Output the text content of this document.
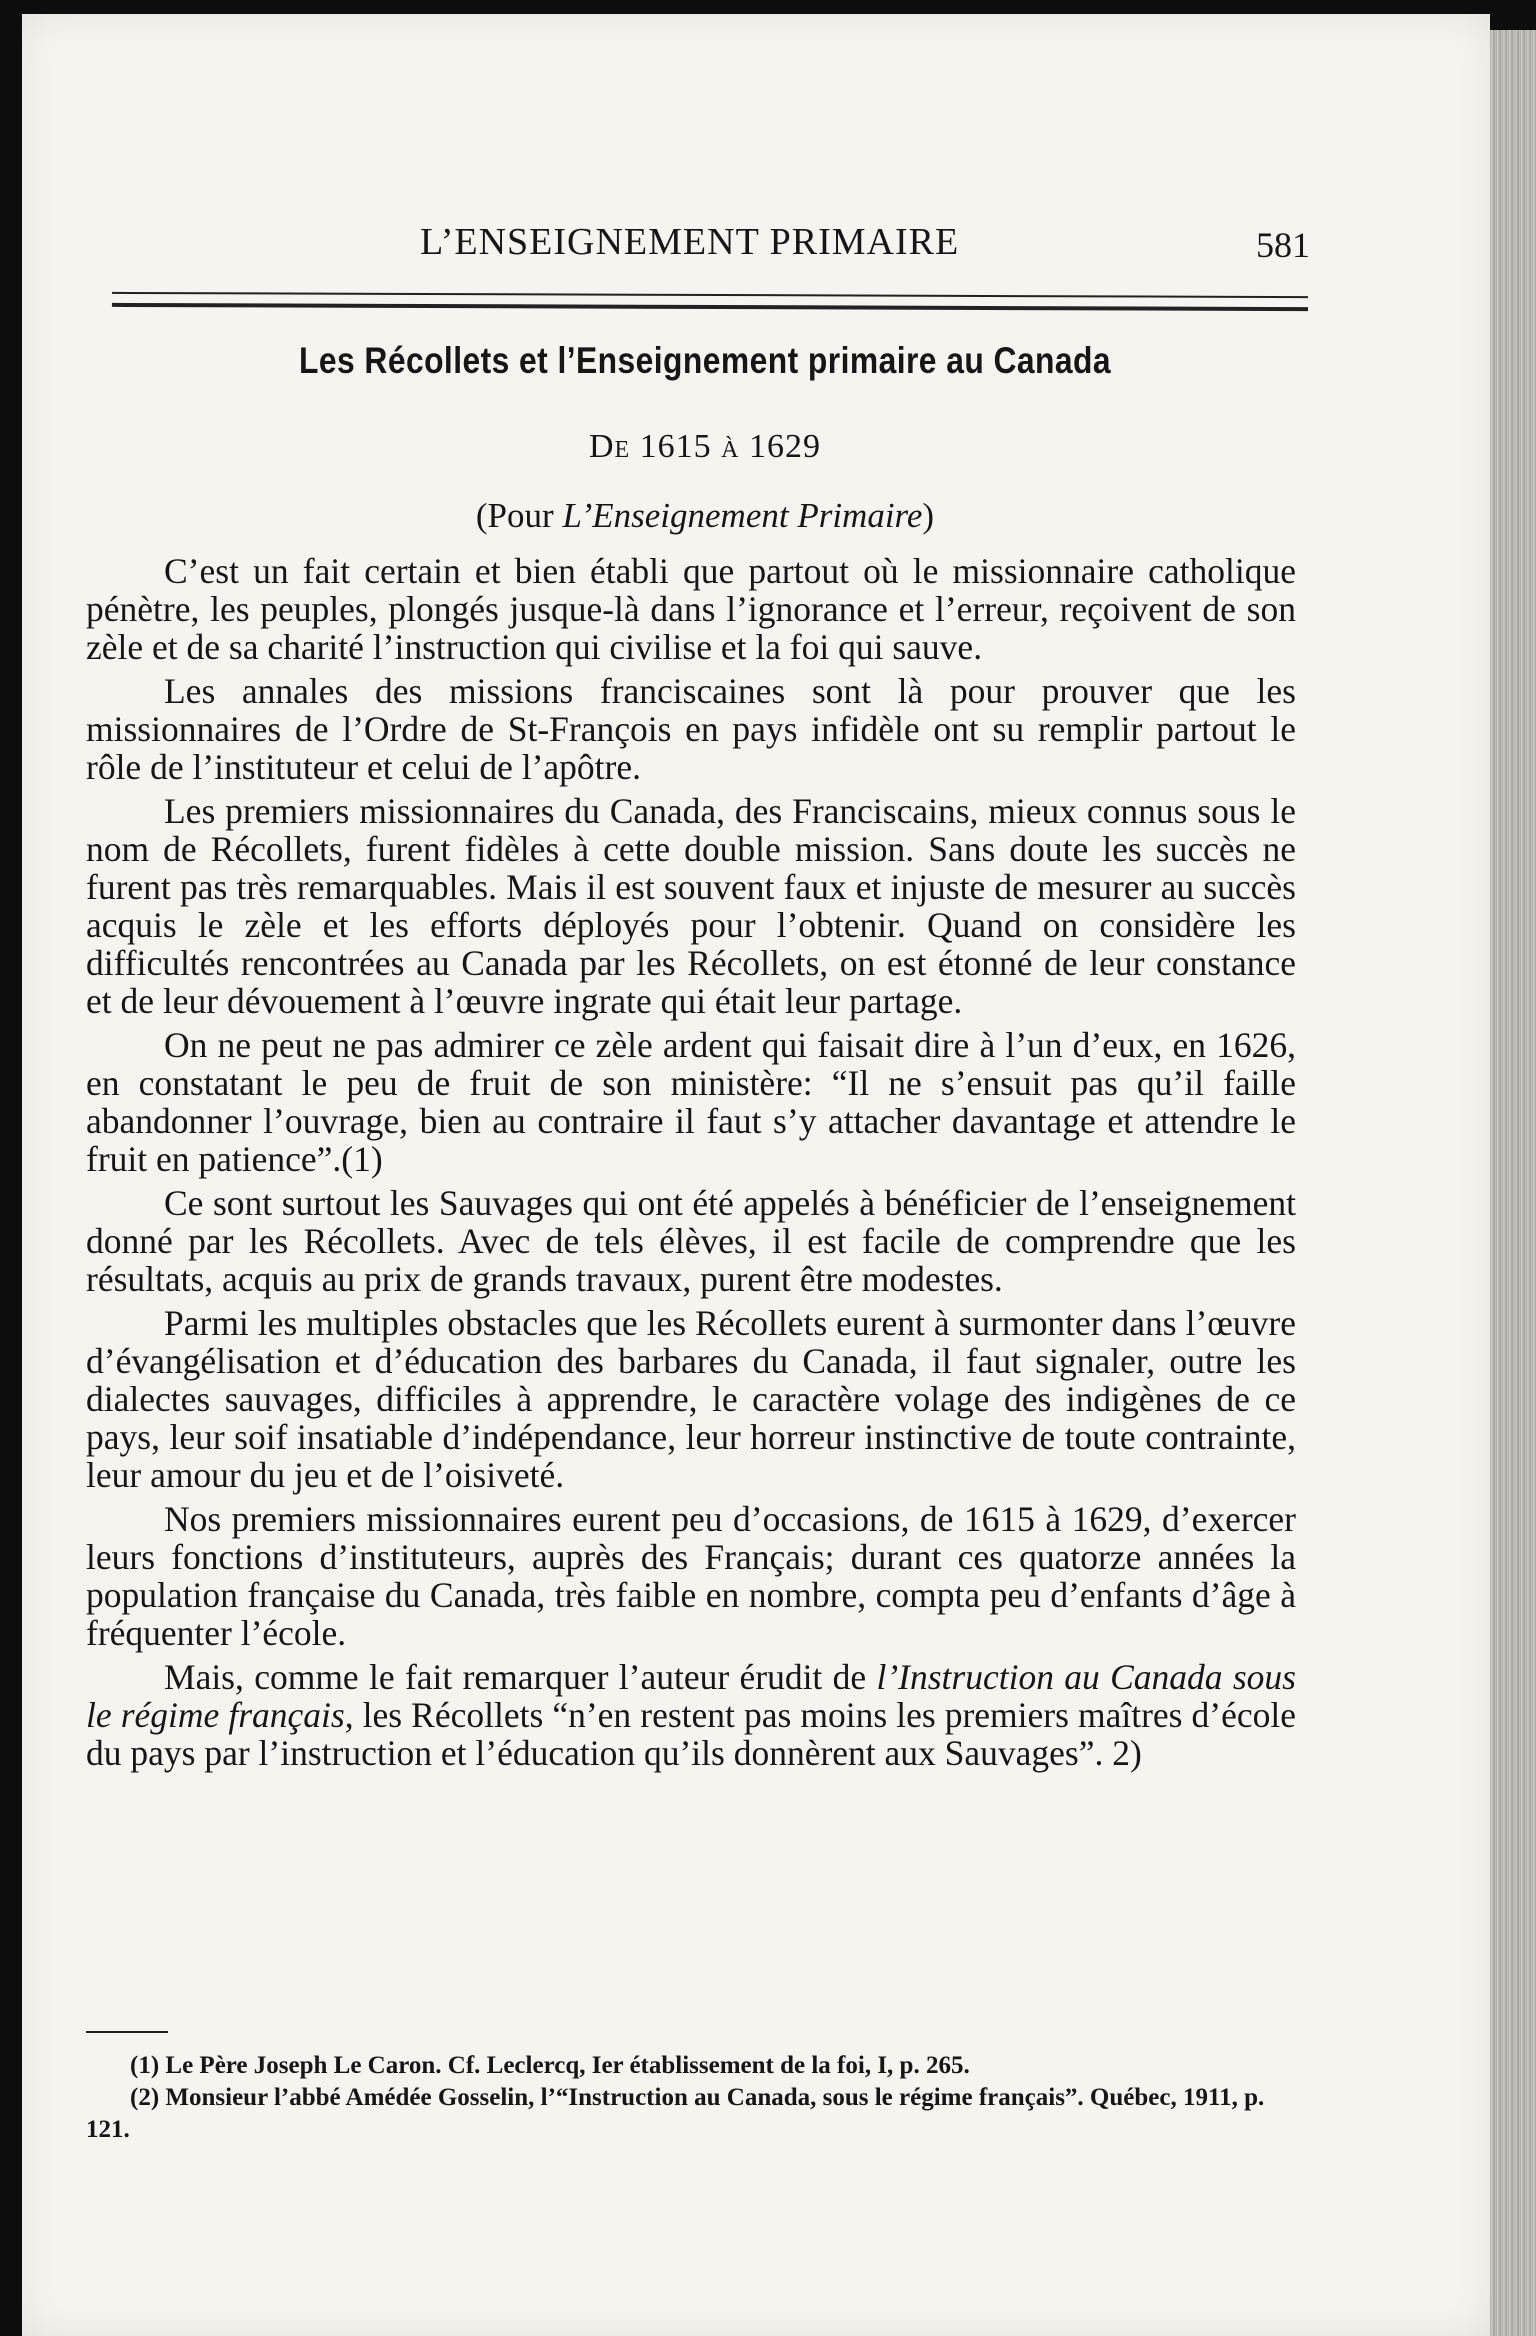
L’ENSEIGNEMENT PRIMAIRE	581
Les Récollets et l’Enseignement primaire au Canada
De 1615 à 1629
(Pour L’Enseignement Primaire)

C’est un fait certain et bien établi que partout où le missionnaire catholique pénètre, les peuples, plongés jusque-là dans l’ignorance et l’erreur, reçoivent de son zèle et de sa charité l’instruction qui civilise et la foi qui sauve.

Les annales des missions franciscaines sont là pour prouver que les missionnaires de l’Ordre de St-François en pays infidèle ont su remplir partout le rôle de l’instituteur et celui de l’apôtre.

Les premiers missionnaires du Canada, des Franciscains, mieux connus sous le nom de Récollets, furent fidèles à cette double mission. Sans doute les succès ne furent pas très remarquables. Mais il est souvent faux et injuste de mesurer au succès acquis le zèle et les efforts déployés pour l’obtenir. Quand on considère les difficultés rencontrées au Canada par les Récollets, on est étonné de leur constance et de leur dévouement à l’œuvre ingrate qui était leur partage.

On ne peut ne pas admirer ce zèle ardent qui faisait dire à l’un d’eux, en 1626, en constatant le peu de fruit de son ministère: “Il ne s’ensuit pas qu’il faille abandonner l’ouvrage, bien au contraire il faut s’y attacher davantage et attendre le fruit en patience”.(1)

Ce sont surtout les Sauvages qui ont été appelés à bénéficier de l’enseignement donné par les Récollets. Avec de tels élèves, il est facile de comprendre que les résultats, acquis au prix de grands travaux, purent être modestes.

Parmi les multiples obstacles que les Récollets eurent à surmonter dans l’œuvre d’évangélisation et d’éducation des barbares du Canada, il faut signaler, outre les dialectes sauvages, difficiles à apprendre, le caractère volage des indigènes de ce pays, leur soif insatiable d’indépendance, leur horreur instinctive de toute contrainte, leur amour du jeu et de l’oisiveté.

Nos premiers missionnaires eurent peu d’occasions, de 1615 à 1629, d’exercer leurs fonctions d’instituteurs, auprès des Français; durant ces quatorze années la population française du Canada, très faible en nombre, compta peu d’enfants d’âge à fréquenter l’école.

Mais, comme le fait remarquer l’auteur érudit de l’Instruction au Canada sous le régime français, les Récollets “n’en restent pas moins les premiers maîtres d’école du pays par l’instruction et l’éducation qu’ils donnèrent aux Sauvages”. 2)

(1) Le Père Joseph Le Caron. Cf. Leclercq, Ier établissement de la foi, I, p. 265.

(2) Monsieur l’abbé Amédée Gosselin, l’“Instruction au Canada, sous le régime français”. Québec, 1911, p. 121.
